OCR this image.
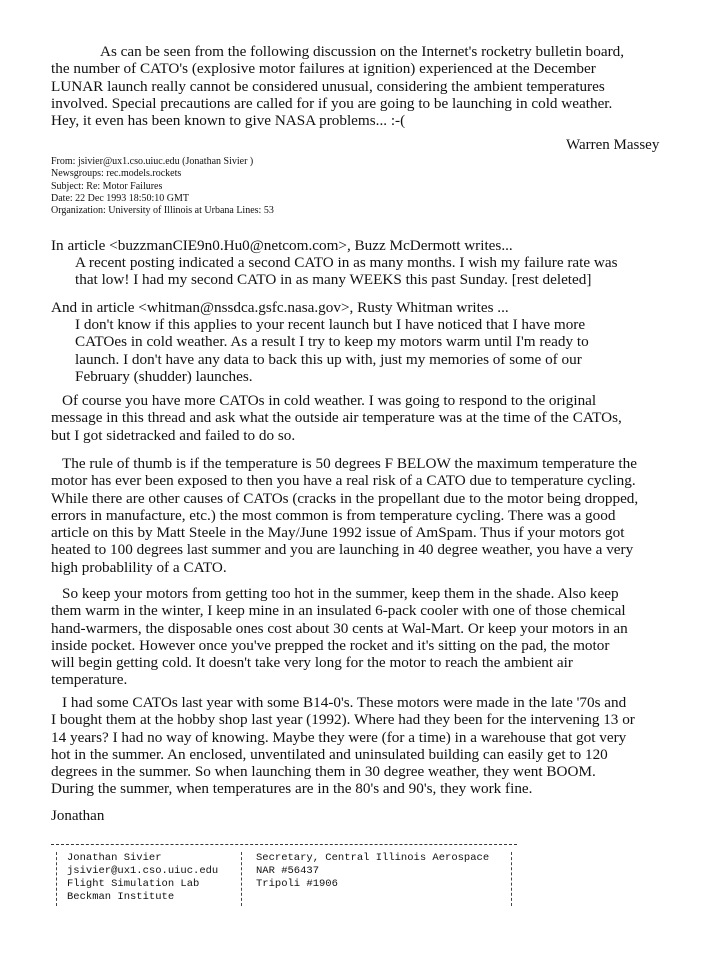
As can be seen from the following discussion on the Internet's rocketry bulletin board,
the number of CATO's (explosive motor failures at ignition) experienced at the December
LUNAR launch really cannot be considered unusual, considering the ambient temperatures
involved. Special precautions are called for if you are going to be launching in cold weather.
Hey, it even has been known to give NASA problems... :-(
Warren Massey
From: jsivier@ux1.cso.uiuc.edu (Jonathan Sivier )
Newsgroups: rec.models.rockets
Subject: Re: Motor Failures
Date: 22 Dec 1993 18:50:10 GMT
Organization: University of Illinois at Urbana Lines: 53
In article <buzzmanCIE9n0.Hu0@netcom.com>, Buzz McDermott writes...
A recent posting indicated a second CATO in as many months. I wish my failure rate was
that low! I had my second CATO in as many WEEKS this past Sunday. [rest deleted]
And in article <whitman@nssdca.gsfc.nasa.gov>, Rusty Whitman writes ...
I don't know if this applies to your recent launch but I have noticed that I have more
CATOes in cold weather. As a result I try to keep my motors warm until I'm ready to
launch. I don't have any data to back this up with, just my memories of some of our
February (shudder) launches.
Of course you have more CATOs in cold weather. I was going to respond to the original
message in this thread and ask what the outside air temperature was at the time of the CATOs,
but I got sidetracked and failed to do so.
The rule of thumb is if the temperature is 50 degrees F BELOW the maximum temperature the
motor has ever been exposed to then you have a real risk of a CATO due to temperature cycling.
While there are other causes of CATOs (cracks in the propellant due to the motor being dropped,
errors in manufacture, etc.) the most common is from temperature cycling. There was a good
article on this by Matt Steele in the May/June 1992 issue of AmSpam. Thus if your motors got
heated to 100 degrees last summer and you are launching in 40 degree weather, you have a very
high probablility of a CATO.
So keep your motors from getting too hot in the summer, keep them in the shade. Also keep
them warm in the winter, I keep mine in an insulated 6-pack cooler with one of those chemical
hand-warmers, the disposable ones cost about 30 cents at Wal-Mart. Or keep your motors in an
inside pocket. However once you've prepped the rocket and it's sitting on the pad, the motor
will begin getting cold. It doesn't take very long for the motor to reach the ambient air
temperature.
I had some CATOs last year with some B14-0's. These motors were made in the late '70s and
I bought them at the hobby shop last year (1992). Where had they been for the intervening 13 or
14 years? I had no way of knowing. Maybe they were (for a time) in a warehouse that got very
hot in the summer. An enclosed, unventilated and uninsulated building can easily get to 120
degrees in the summer. So when launching them in 30 degree weather, they went BOOM.
During the summer, when temperatures are in the 80's and 90's, they work fine.
Jonathan
Jonathan Sivier
jsivier@ux1.cso.uiuc.edu
Flight Simulation Lab
Beckman Institute
Secretary, Central Illinois Aerospace
NAR #56437
Tripoli #1906
